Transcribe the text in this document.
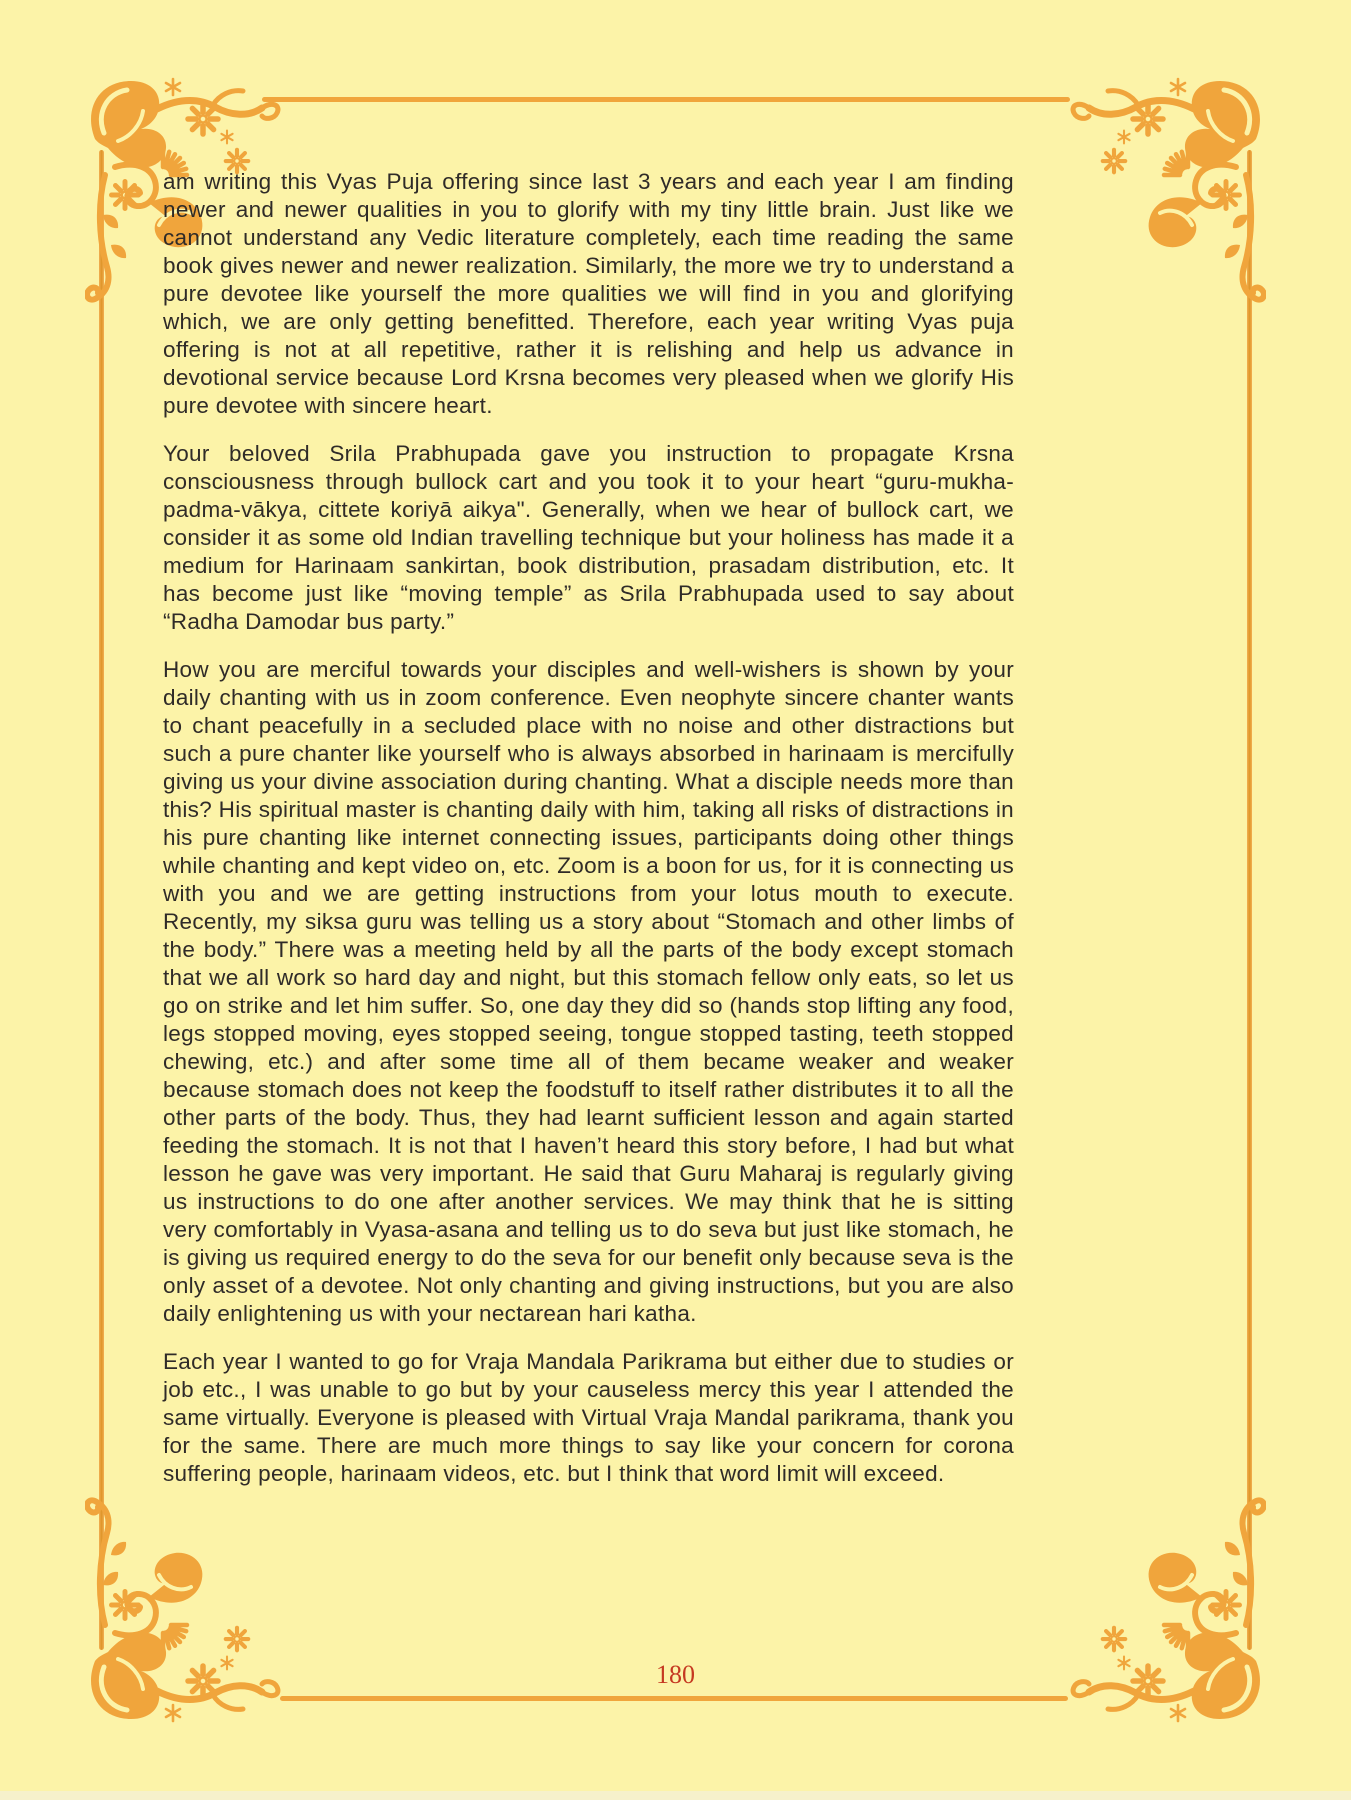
am writing this Vyas Puja offering since last 3 years and each year I am finding newer and newer qualities in you to glorify with my tiny little brain. Just like we cannot understand any Vedic literature completely, each time reading the same book gives newer and newer realization. Similarly, the more we try to understand a pure devotee like yourself the more qualities we will find in you and glorifying which, we are only getting benefitted. Therefore, each year writing Vyas puja offering is not at all repetitive, rather it is relishing and help us advance in devotional service because Lord Krsna becomes very pleased when we glorify His pure devotee with sincere heart.

Your beloved Srila Prabhupada gave you instruction to propagate Krsna consciousness through bullock cart and you took it to your heart “guru-mukha-padma-vākya, cittete koriyā aikya". Generally, when we hear of bullock cart, we consider it as some old Indian travelling technique but your holiness has made it a medium for Harinaam sankirtan, book distribution, prasadam distribution, etc. It has become just like “moving temple” as Srila Prabhupada used to say about “Radha Damodar bus party.”

How you are merciful towards your disciples and well-wishers is shown by your daily chanting with us in zoom conference. Even neophyte sincere chanter wants to chant peacefully in a secluded place with no noise and other distractions but such a pure chanter like yourself who is always absorbed in harinaam is mercifully giving us your divine association during chanting. What a disciple needs more than this? His spiritual master is chanting daily with him, taking all risks of distractions in his pure chanting like internet connecting issues, participants doing other things while chanting and kept video on, etc. Zoom is a boon for us, for it is connecting us with you and we are getting instructions from your lotus mouth to execute. Recently, my siksa guru was telling us a story about “Stomach and other limbs of the body.” There was a meeting held by all the parts of the body except stomach that we all work so hard day and night, but this stomach fellow only eats, so let us go on strike and let him suffer. So, one day they did so (hands stop lifting any food, legs stopped moving, eyes stopped seeing, tongue stopped tasting, teeth stopped chewing, etc.) and after some time all of them became weaker and weaker because stomach does not keep the foodstuff to itself rather distributes it to all the other parts of the body. Thus, they had learnt sufficient lesson and again started feeding the stomach. It is not that I haven’t heard this story before, I had but what lesson he gave was very important. He said that Guru Maharaj is regularly giving us instructions to do one after another services. We may think that he is sitting very comfortably in Vyasa-asana and telling us to do seva but just like stomach, he is giving us required energy to do the seva for our benefit only because seva is the only asset of a devotee. Not only chanting and giving instructions, but you are also daily enlightening us with your nectarean hari katha.

Each year I wanted to go for Vraja Mandala Parikrama but either due to studies or job etc., I was unable to go but by your causeless mercy this year I attended the same virtually. Everyone is pleased with Virtual Vraja Mandal parikrama, thank you for the same. There are much more things to say like your concern for corona suffering people, harinaam videos, etc. but I think that word limit will exceed.

180
